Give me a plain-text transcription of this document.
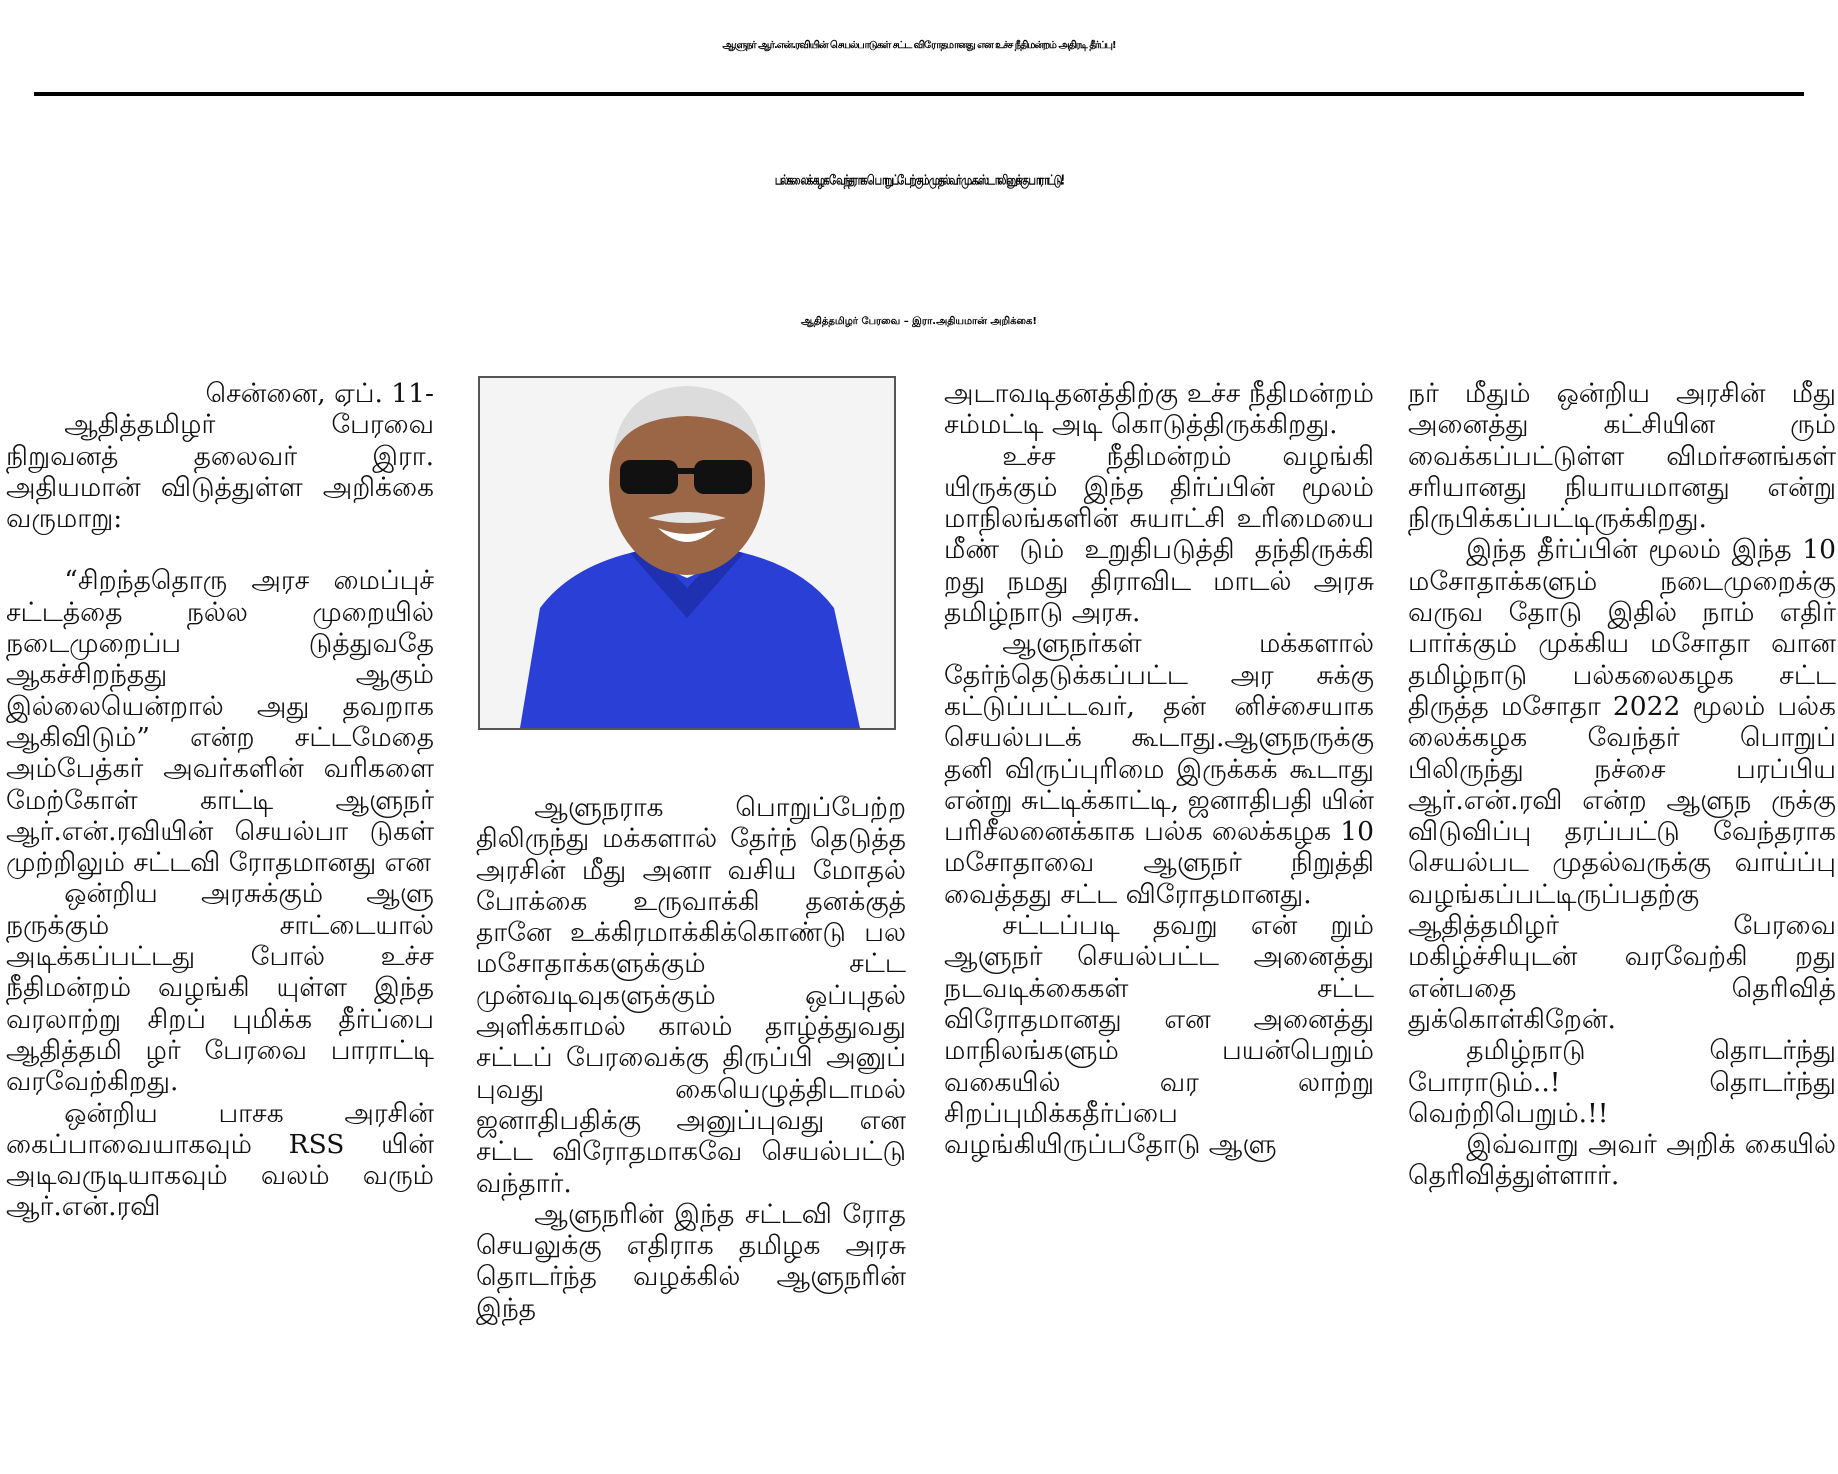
ஆளுநர் ஆர்.என்.ரவியின் செயல்பாடுகள் சட்ட விரோதமானது என உச்ச நீதிமன்றம் அதிரடி தீர்ப்பு!
பல்கலைக் கழக வேந்தராக பொறுப்பேற்கும் முதல்வர் மு.க.ஸ்டாலினுக்கு பாராட்டு!
ஆதித்தமிழர் பேரவை – இரா.அதியமான் அறிக்கை!

சென்னை, ஏப். 11-

ஆதித்தமிழர் பேரவை நிறுவனத் தலைவர் இரா. அதியமான் விடுத்துள்ள அறிக்கை வருமாறு:

“சிறந்ததொரு அரச மைப்புச் சட்டத்தை நல்ல முறையில் நடைமுறைப்ப டுத்துவதே ஆகச்சிறந்தது ஆகும் இல்லையென்றால் அது தவறாக ஆகிவிடும்” என்ற சட்டமேதை அம்பேத்கர் அவர்களின் வரிகளை மேற்கோள் காட்டி ஆளுநர் ஆர்.என்.ரவியின் செயல்பா டுகள் முற்றிலும் சட்டவி ரோதமானது என

ஒன்றிய அரசுக்கும் ஆளு நருக்கும் சாட்டையால் அடிக்கப்பட்டது போல் உச்ச நீதிமன்றம் வழங்கி யுள்ள இந்த வரலாற்று சிறப் புமிக்க தீர்ப்பை ஆதித்தமி ழர் பேரவை பாராட்டி வரவேற்கிறது.

ஒன்றிய பாசக அரசின் கைப்பாவையாகவும் RSS யின் அடிவருடியாகவும் வலம் வரும் ஆர்.என்.ரவி

ஆளுநராக பொறுப்பேற்ற திலிருந்து மக்களால் தேர்ந் தெடுத்த அரசின் மீது அனா வசிய மோதல் போக்கை உருவாக்கி தனக்குத் தானே உக்கிரமாக்கிக்கொண்டு பல மசோதாக்களுக்கும் சட்ட முன்வடிவுகளுக்கும் ஒப்புதல் அளிக்காமல் காலம் தாழ்த்துவது சட்டப் பேரவைக்கு திருப்பி அனுப் புவது கையெழுத்திடாமல் ஜனாதிபதிக்கு அனுப்புவது என சட்ட விரோதமாகவே செயல்பட்டு வந்தார்.

ஆளுநரின் இந்த சட்டவி ரோத செயலுக்கு எதிராக தமிழக அரசு தொடர்ந்த வழக்கில் ஆளுநரின் இந்த

அடாவடிதனத்திற்கு உச்ச நீதிமன்றம் சம்மட்டி அடி கொடுத்திருக்கிறது.

உச்ச நீதிமன்றம் வழங்கி யிருக்கும் இந்த திர்ப்பின் மூலம் மாநிலங்களின் சுயாட்சி உரிமையை மீண் டும் உறுதிபடுத்தி தந்திருக்கி றது நமது திராவிட மாடல் அரசு தமிழ்நாடு அரசு.

ஆளுநர்கள் மக்களால் தேர்ந்தெடுக்கப்பட்ட அர சுக்கு கட்டுப்பட்டவர், தன் னிச்சையாக செயல்படக் கூடாது.ஆளுநருக்கு தனி விருப்புரிமை இருக்கக் கூடாது என்று சுட்டிக்காட்டி, ஜனாதிபதி யின் பரிசீலனைக்காக பல்க லைக்கழக 10 மசோதாவை ஆளுநர் நிறுத்தி வைத்தது சட்ட விரோதமானது.

சட்டப்படி தவறு என் றும் ஆளுநர் செயல்பட்ட அனைத்து நடவடிக்கைகள் சட்ட விரோதமானது என அனைத்து மாநிலங்களும் பயன்பெறும் வகையில் வர லாற்று சிறப்புமிக்கதீர்ப்பை வழங்கியிருப்பதோடு ஆளு

நர் மீதும் ஒன்றிய அரசின் மீது அனைத்து கட்சியின ரும் வைக்கப்பட்டுள்ள விமர்சனங்கள் சரியானது நியாயமானது என்று நிருபிக்கப்பட்டிருக்கிறது.

இந்த தீர்ப்பின் மூலம் இந்த 10 மசோதாக்களும் நடைமுறைக்கு வருவ தோடு இதில் நாம் எதிர் பார்க்கும் முக்கிய மசோதா வான தமிழ்நாடு பல்கலைகழக சட்ட திருத்த மசோதா 2022 மூலம் பல்க லைக்கழக வேந்தர் பொறுப் பிலிருந்து நச்சை பரப்பிய ஆர்.என்.ரவி என்ற ஆளுந ருக்கு விடுவிப்பு தரப்பட்டு வேந்தராக செயல்பட முதல்வருக்கு வாய்ப்பு வழங்கப்பட்டிருப்பதற்கு ஆதித்தமிழர் பேரவை மகிழ்ச்சியுடன் வரவேற்கி றது என்பதை தெரிவித் துக்கொள்கிறேன்.

தமிழ்நாடு தொடர்ந்து போராடும்..! தொடர்ந்து வெற்றிபெறும்.!!

இவ்வாறு அவர் அறிக் கையில் தெரிவித்துள்ளார்.
